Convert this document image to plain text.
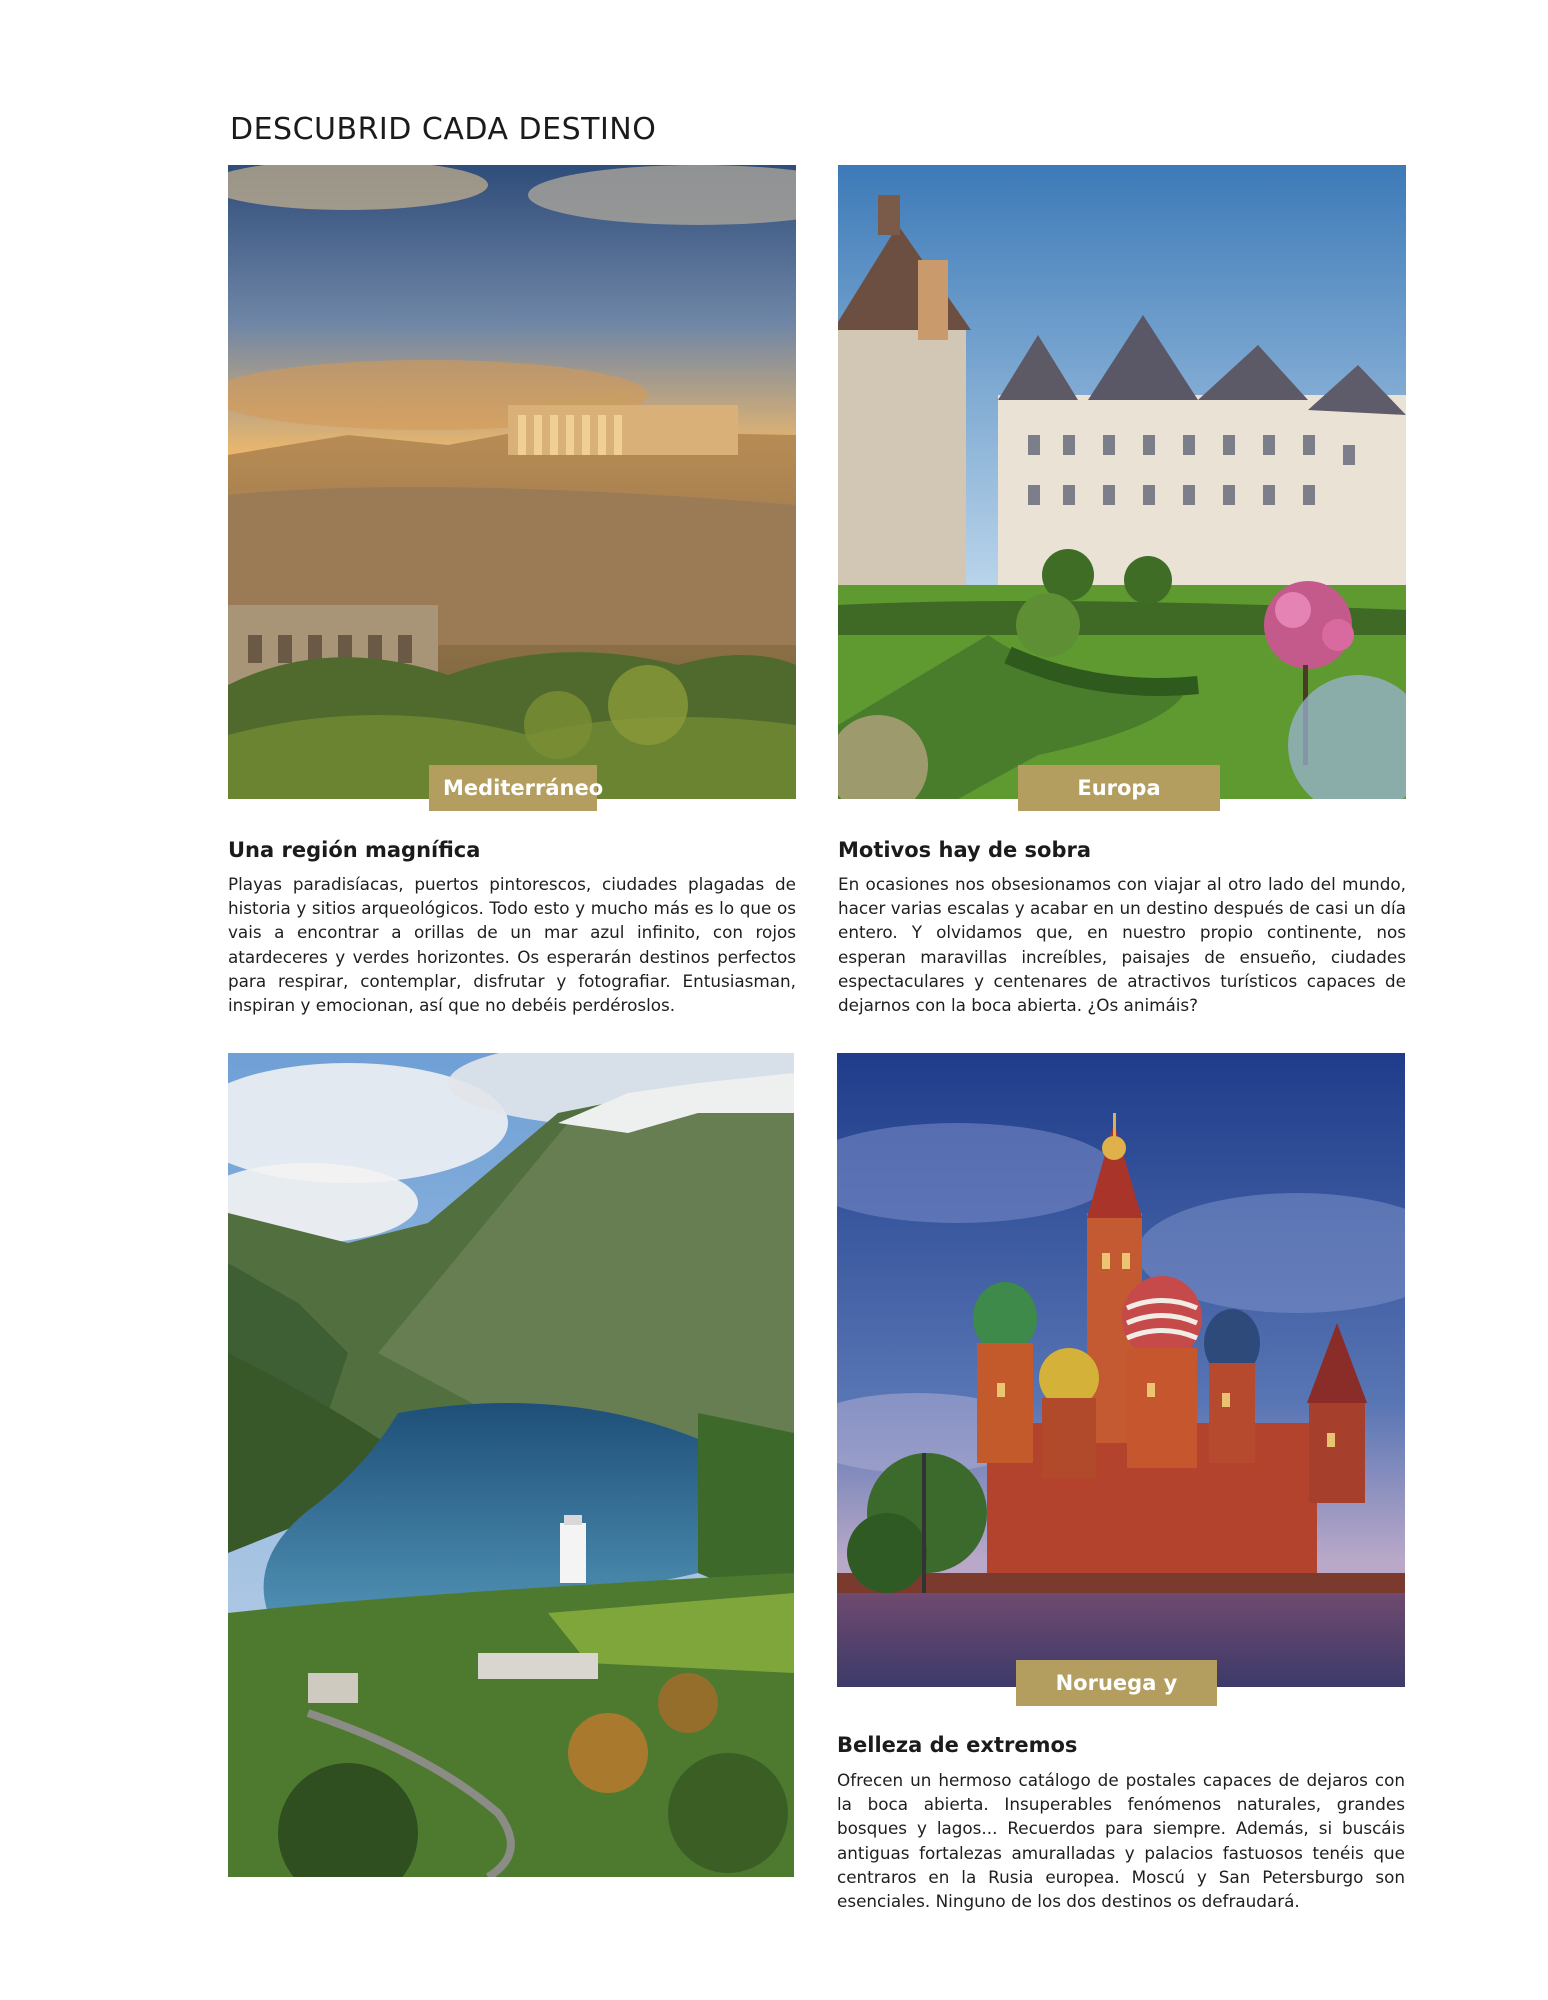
DESCUBRID CADA DESTINO
Mediterráneo
Una región magnífica

Playas paradisíacas, puertos pintorescos, ciudades plagadas de historia y sitios arqueológicos. Todo esto y mucho más es lo que os vais a encontrar a orillas de un mar azul infinito, con rojos atardeceres y verdes horizontes. Os esperarán destinos perfectos para respirar, contemplar, disfrutar y fotografiar. Entusiasman, inspiran y emocionan, así que no debéis perdéroslos.

Europa Atlántica
Motivos hay de sobra

En ocasiones nos obsesionamos con viajar al otro lado del mundo, hacer varias escalas y acabar en un destino después de casi un día entero. Y olvidamos que, en nuestro propio continente, nos esperan maravillas increíbles, paisajes de ensueño, ciudades espectaculares y centenares de atractivos turísticos capaces de dejarnos con la boca abierta. ¿Os animáis?

Noruega y Rusia
Belleza de extremos

Ofrecen un hermoso catálogo de postales capaces de dejaros con la boca abierta. Insuperables fenómenos naturales, grandes bosques y lagos... Recuerdos para siempre. Además, si buscáis antiguas fortalezas amuralladas y palacios fastuosos tenéis que centraros en la Rusia europea. Moscú y San Petersburgo son esenciales. Ninguno de los dos destinos os defraudará.
